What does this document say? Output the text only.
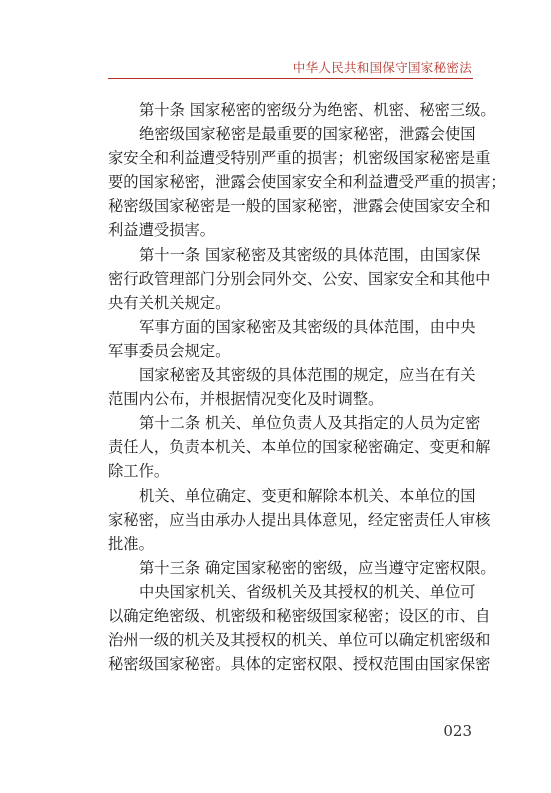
中华人民共和国保守国家秘密法
第十条 国家秘密的密级分为绝密、机密、秘密三级。
绝密级国家秘密是最重要的国家秘密，泄露会使国
家安全和利益遭受特别严重的损害；机密级国家秘密是重
要的国家秘密，泄露会使国家安全和利益遭受严重的损害；
秘密级国家秘密是一般的国家秘密，泄露会使国家安全和
利益遭受损害。
第十一条 国家秘密及其密级的具体范围，由国家保
密行政管理部门分别会同外交、公安、国家安全和其他中
央有关机关规定。
军事方面的国家秘密及其密级的具体范围，由中央
军事委员会规定。
国家秘密及其密级的具体范围的规定，应当在有关
范围内公布，并根据情况变化及时调整。
第十二条 机关、单位负责人及其指定的人员为定密
责任人，负责本机关、本单位的国家秘密确定、变更和解
除工作。
机关、单位确定、变更和解除本机关、本单位的国
家秘密，应当由承办人提出具体意见，经定密责任人审核
批准。
第十三条 确定国家秘密的密级，应当遵守定密权限。
中央国家机关、省级机关及其授权的机关、单位可
以确定绝密级、机密级和秘密级国家秘密；设区的市、自
治州一级的机关及其授权的机关、单位可以确定机密级和
秘密级国家秘密。具体的定密权限、授权范围由国家保密
023
